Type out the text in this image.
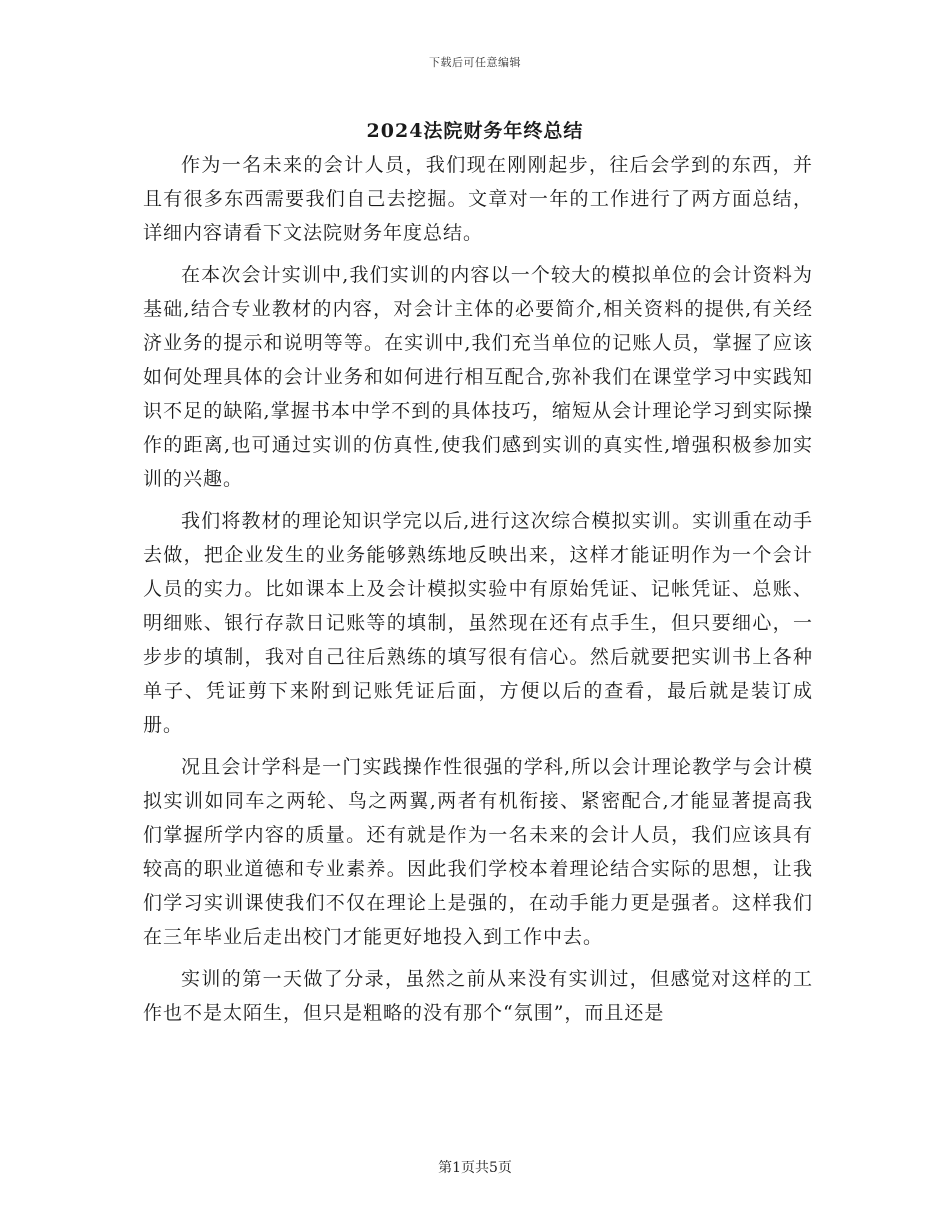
下载后可任意编辑
2024法院财务年终总结

作为一名未来的会计人员，我们现在刚刚起步，往后会学到的东西，并且有很多东西需要我们自己去挖掘。文章对一年的工作进行了两方面总结，详细内容请看下文法院财务年度总结。

在本次会计实训中,我们实训的内容以一个较大的模拟单位的会计资料为基础,结合专业教材的内容，对会计主体的必要简介,相关资料的提供,有关经济业务的提示和说明等等。在实训中,我们充当单位的记账人员，掌握了应该如何处理具体的会计业务和如何进行相互配合,弥补我们在课堂学习中实践知识不足的缺陷,掌握书本中学不到的具体技巧，缩短从会计理论学习到实际操作的距离,也可通过实训的仿真性,使我们感到实训的真实性,增强积极参加实训的兴趣。

我们将教材的理论知识学完以后,进行这次综合模拟实训。实训重在动手去做，把企业发生的业务能够熟练地反映出来，这样才能证明作为一个会计人员的实力。比如课本上及会计模拟实验中有原始凭证、记帐凭证、总账、明细账、银行存款日记账等的填制，虽然现在还有点手生，但只要细心，一步步的填制，我对自己往后熟练的填写很有信心。然后就要把实训书上各种单子、凭证剪下来附到记账凭证后面，方便以后的查看，最后就是装订成册。

况且会计学科是一门实践操作性很强的学科,所以会计理论教学与会计模拟实训如同车之两轮、鸟之两翼,两者有机衔接、紧密配合,才能显著提高我们掌握所学内容的质量。还有就是作为一名未来的会计人员，我们应该具有较高的职业道德和专业素养。因此我们学校本着理论结合实际的思想，让我们学习实训课使我们不仅在理论上是强的，在动手能力更是强者。这样我们在三年毕业后走出校门才能更好地投入到工作中去。

实训的第一天做了分录，虽然之前从来没有实训过，但感觉对这样的工作也不是太陌生，但只是粗略的没有那个“氛围”，而且还是

第1页共5页
